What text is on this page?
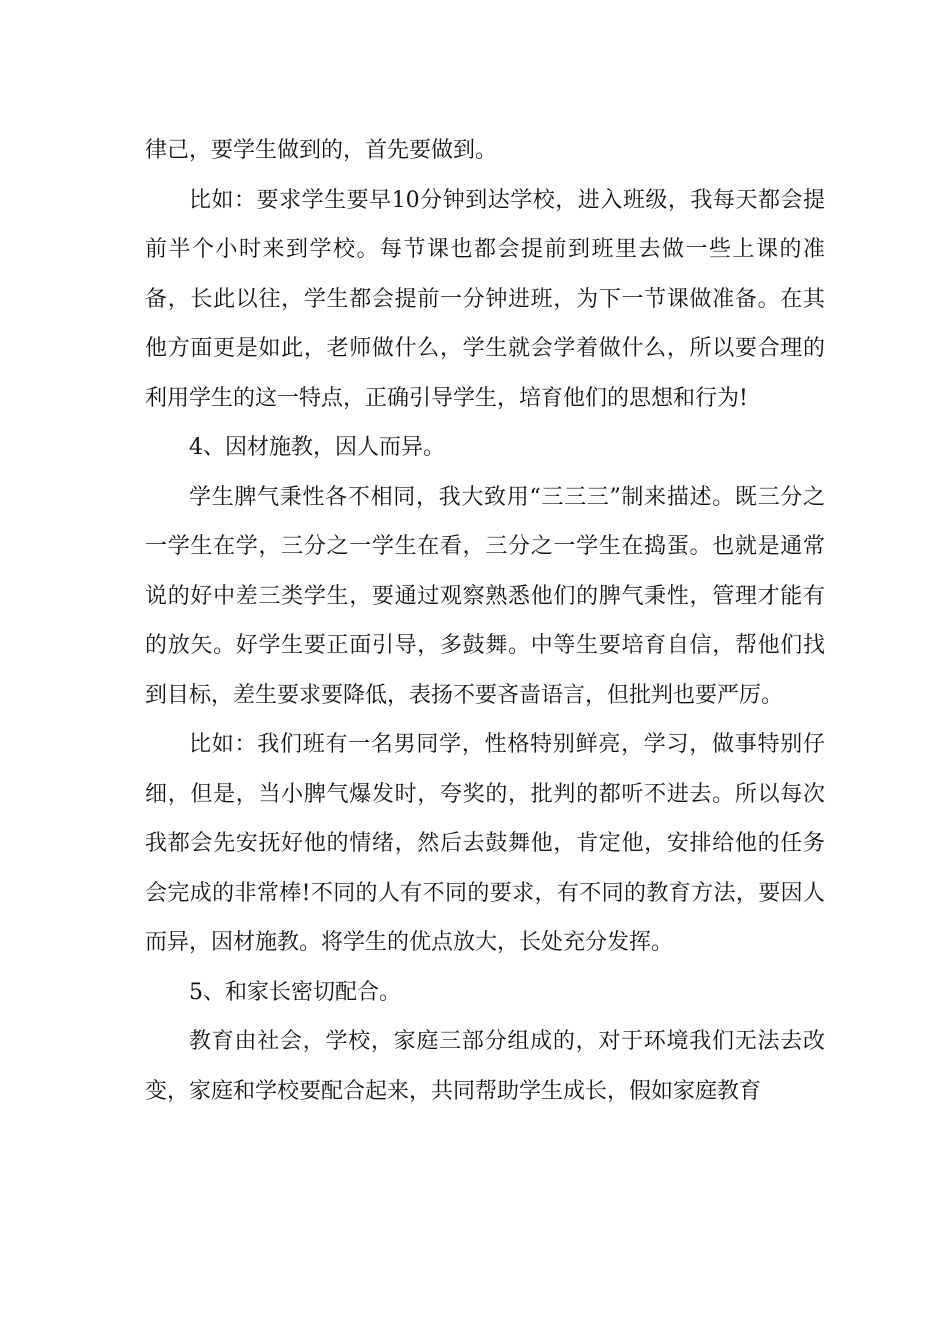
律己，要学生做到的，首先要做到。

比如：要求学生要早10分钟到达学校，进入班级，我每天都会提前半个小时来到学校。每节课也都会提前到班里去做一些上课的准备，长此以往，学生都会提前一分钟进班，为下一节课做准备。在其他方面更是如此，老师做什么，学生就会学着做什么，所以要合理的利用学生的这一特点，正确引导学生，培育他们的思想和行为!

4、因材施教，因人而异。

学生脾气秉性各不相同，我大致用“三三三”制来描述。既三分之一学生在学，三分之一学生在看，三分之一学生在捣蛋。也就是通常说的好中差三类学生，要通过观察熟悉他们的脾气秉性，管理才能有的放矢。好学生要正面引导，多鼓舞。中等生要培育自信，帮他们找到目标，差生要求要降低，表扬不要吝啬语言，但批判也要严厉。

比如：我们班有一名男同学，性格特别鲜亮，学习，做事特别仔细，但是，当小脾气爆发时，夸奖的，批判的都听不进去。所以每次我都会先安抚好他的情绪，然后去鼓舞他，肯定他，安排给他的任务会完成的非常棒!不同的人有不同的要求，有不同的教育方法，要因人而异，因材施教。将学生的优点放大，长处充分发挥。

5、和家长密切配合。

教育由社会，学校，家庭三部分组成的，对于环境我们无法去改变，家庭和学校要配合起来，共同帮助学生成长，假如家庭教育
